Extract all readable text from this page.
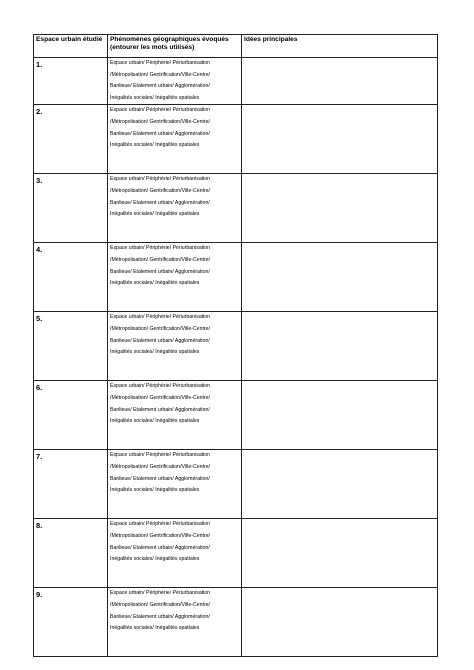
Espace urbain étudié	Phénomènes géographiques évoqués (entourer les mots utilisés)	Idées principales
1.	Espace urbain/ Périphérie/ Périurbanisation
/Métropolisation/ Gentrification/Ville-Centre/
Banlieue/ Etalement urbain/ Agglomération/
Inégalités sociales/ Inégalités spatiales	

2.	Espace urbain/ Périphérie/ Périurbanisation
/Métropolisation/ Gentrification/Ville-Centre/
Banlieue/ Etalement urbain/ Agglomération/
Inégalités sociales/ Inégalités spatiales	

3.	Espace urbain/ Périphérie/ Périurbanisation
/Métropolisation/ Gentrification/Ville-Centre/
Banlieue/ Etalement urbain/ Agglomération/
Inégalités sociales/ Inégalités spatiales	

4.	Espace urbain/ Périphérie/ Périurbanisation
/Métropolisation/ Gentrification/Ville-Centre/
Banlieue/ Etalement urbain/ Agglomération/
Inégalités sociales/ Inégalités spatiales	

5.	Espace urbain/ Périphérie/ Périurbanisation
/Métropolisation/ Gentrification/Ville-Centre/
Banlieue/ Etalement urbain/ Agglomération/
Inégalités sociales/ Inégalités spatiales	

6.	Espace urbain/ Périphérie/ Périurbanisation
/Métropolisation/ Gentrification/Ville-Centre/
Banlieue/ Etalement urbain/ Agglomération/
Inégalités sociales/ Inégalités spatiales	

7.	Espace urbain/ Périphérie/ Périurbanisation
/Métropolisation/ Gentrification/Ville-Centre/
Banlieue/ Etalement urbain/ Agglomération/
Inégalités sociales/ Inégalités spatiales	

8.	Espace urbain/ Périphérie/ Périurbanisation
/Métropolisation/ Gentrification/Ville-Centre/
Banlieue/ Etalement urbain/ Agglomération/
Inégalités sociales/ Inégalités spatiales	

9.	Espace urbain/ Périphérie/ Périurbanisation
/Métropolisation/ Gentrification/Ville-Centre/
Banlieue/ Etalement urbain/ Agglomération/
Inégalités sociales/ Inégalités spatiales	
